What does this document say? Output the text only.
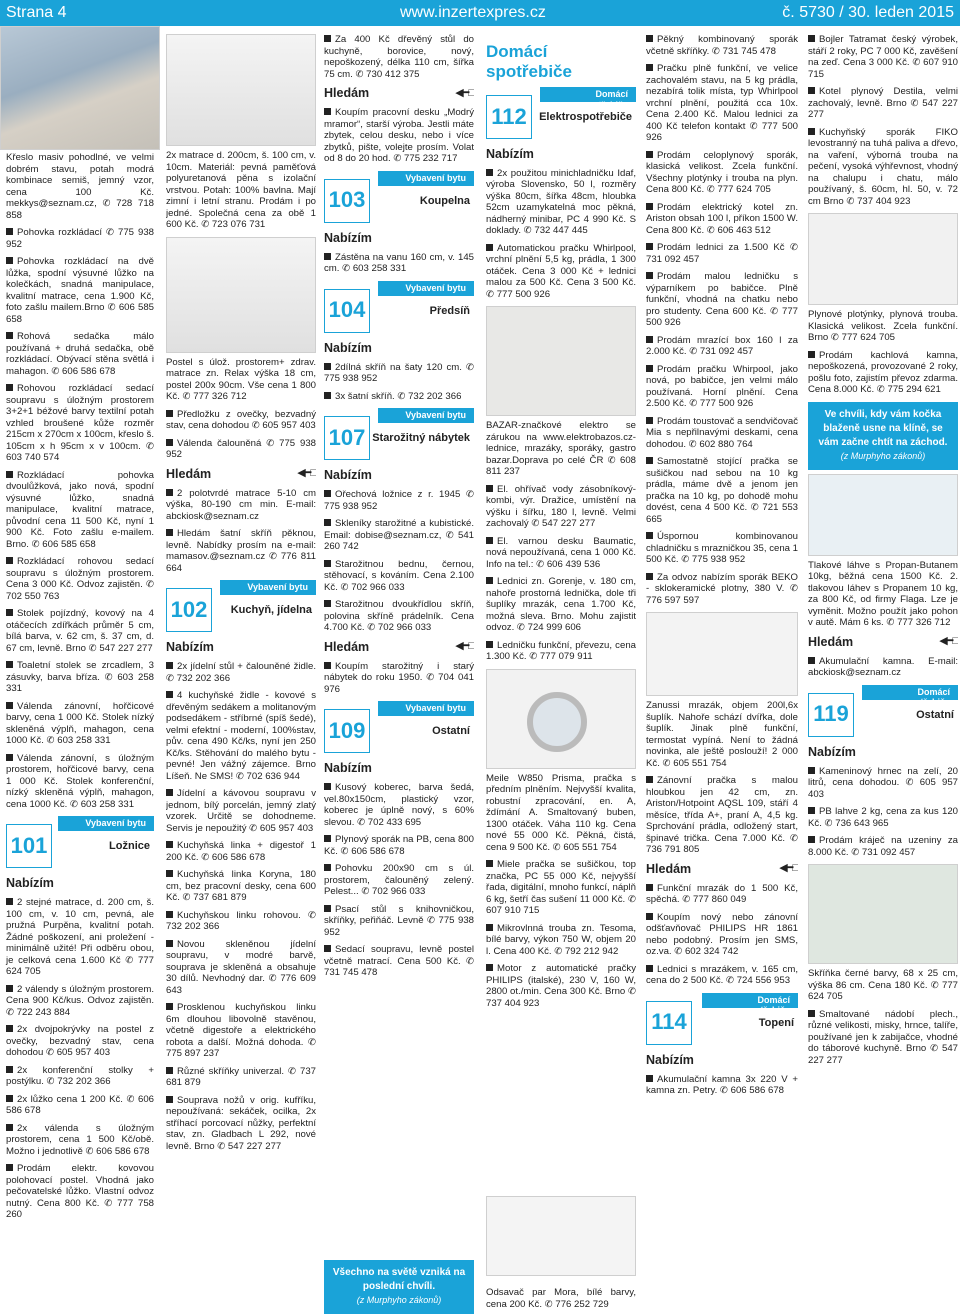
Strana 4	www.inzertexpres.cz	č. 5730 / 30. leden 2015

Křeslo masiv pohodlné, ve velmi dobrém stavu, potah modrá kombinace semiš, jemný vzor, cena 100 Kč. mekkys@seznam.cz, ✆ 728 718 858

Pohovka rozkládací ✆ 775 938 952

Pohovka rozkládací na dvě lůžka, spodní výsuvné lůžko na kolečkách, snadná manipulace, kvalitní matrace, cena 1.900 Kč, foto zašlu mailem.Brno ✆ 606 585 658

Rohová sedačka málo používaná + druhá sedačka, obě rozkládací. Obývací stěna světlá i mahagon. ✆ 606 586 678

Rohovou rozkládací sedací soupravu s úložným prostorem 3+2+1 béžové barvy textilní potah vzhled broušené kůže rozměr 215cm x 270cm x 100cm, křeslo š. 105cm x h 95cm x v 100cm. ✆ 603 740 574

Rozkládací pohovka dvoulůžková, jako nová, spodní výsuvné lůžko, snadná manipulace, kvalitní matrace, původní cena 11 500 Kč, nyní 1 900 Kč. Foto zašlu e-mailem. Brno. ✆ 606 585 658

Rozkládací rohovou sedací soupravu s úložným prostorem. Cena 3 000 Kč. Odvoz zajistěn. ✆ 702 550 763

Stolek pojízdný, kovový na 4 otáčecích zdířkách průměr 5 cm, bílá barva, v. 62 cm, š. 37 cm, d. 67 cm, levně. Brno ✆ 547 227 277

Toaletní stolek se zrcadlem, 3 zásuvky, barva bříza. ✆ 603 258 331

Válenda zánovní, hořčicové barvy, cena 1 000 Kč. Stolek nízký skleněná výplň, mahagon, cena 1000 Kč. ✆ 603 258 331

Válenda zánovní, s úložným prostorem, hořčicové barvy, cena 1 000 Kč. Stolek konferenční, nízký skleněná výplň, mahagon, cena 1000 Kč. ✆ 603 258 331

101
Vybavení bytu
Ložnice
Nabízím

2 stejné matrace, d. 200 cm, š. 100 cm, v. 10 cm, pevná, ale pružná Purpěna, kvalitní potah. Žádné poškození, ani proležení - minimálně užité! Při odběru obou, je celková cena 1.600 Kč ✆ 777 624 705

2 válendy s úložným prostorem. Cena 900 Kč/kus. Odvoz zajistěn. ✆ 722 243 884

2x dvojpokrývky na postel z ovečky, bezvadný stav, cena dohodou ✆ 605 957 403

2x konferenční stolky + postýlku. ✆ 732 202 366

2x lůžko cena 1 200 Kč. ✆ 606 586 678

2x válenda s úložným prostorem, cena 1 500 Kč/obě. Možno i jednotlivě ✆ 606 586 678

Prodám elektr. kovovou polohovací postel. Vhodná jako pečovatelské lůžko. Vlastní odvoz nutný. Cena 800 Kč. ✆ 777 758 260

2x matrace d. 200cm, š. 100 cm, v. 10cm. Materiál: pevná paměťová polyuretanová pěna s izolační vrstvou. Potah: 100% bavlna. Mají zimní i letní stranu. Prodám i po jedné. Společná cena za obě 1 600 Kč. ✆ 723 076 731

Postel s úlož. prostorem+ zdrav. matrace zn. Relax výška 18 cm, postel 200x 90cm. Vše cena 1 800 Kč. ✆ 777 326 712

Předložku z ovečky, bezvadný stav, cena dohodou ✆ 605 957 403

Válenda čalouněná ✆ 775 938 952

Hledám	◀━□

2 polotvrdé matrace 5-10 cm výška, 80-190 cm min. E-mail: abckiosk@seznam.cz

Hledám šatní skříň pěknou, levně. Nabídky prosím na e-mail: mamasov.@seznam.cz ✆ 776 811 664

102
Vybavení bytu
Kuchyň, jídelna
Nabízím

2x jídelní stůl + čalouněné židle. ✆ 732 202 366

4 kuchyňské židle - kovové s dřevěným sedákem a molitanovým podsedákem - stříbrné (spíš šedé), velmi efektní - moderní, 100%stav, pův. cena 490 Kč/ks, nyní jen 250 Kč/ks. Stěhování do malého bytu - pevné! Jen vážný zájemce. Brno Líšeň. Ne SMS! ✆ 702 636 944

Jídelní a kávovou soupravu v jednom, bílý porcelán, jemný zlatý vzorek. Určitě se dohodneme. Servis je nepoužitý ✆ 605 957 403

Kuchyňská linka + digestoř 1 200 Kč. ✆ 606 586 678

Kuchyňská linka Koryna, 180 cm, bez pracovní desky, cena 600 Kč. ✆ 737 681 879

Kuchyňskou linku rohovou. ✆ 732 202 366

Novou skleněnou jídelní soupravu, v modré barvě, souprava je skleněná a obsahuje 30 dílů. Nevhodný dar. ✆ 776 609 643

Prosklenou kuchyňskou linku 6m dlouhou libovolně stavěnou, včetně digestoře a elektrického robota a další. Možná dohoda. ✆ 775 897 237

Různé skříňky univerzal. ✆ 737 681 879

Souprava nožů v orig. kufříku, nepoužívaná: sekáček, ocilka, 2x stříhací porcovací nůžky, perfektní stav, zn. Gladbach L 292, nové levně. Brno ✆ 547 227 277

Za 400 Kč dřevěný stůl do kuchyně, borovice, nový, nepoškozený, délka 110 cm, šířka 75 cm. ✆ 730 412 375

Hledám	◀━□

Koupím pracovní desku „Modrý mramor“, starší výroba. Jestli máte zbytek, celou desku, nebo i více zbytků, pište, volejte prosím. Volat od 8 do 20 hod. ✆ 775 232 717

103
Vybavení bytu
Koupelna
Nabízím

Zástěna na vanu 160 cm, v. 145 cm. ✆ 603 258 331

104
Vybavení bytu
Předsíň
Nabízím

2dílná skříň na šaty 120 cm. ✆ 775 938 952

3x šatní skříň. ✆ 732 202 366

107
Vybavení bytu
Starožitný nábytek
Nabízím

Ořechová ložnice z r. 1945 ✆ 775 938 952

Skleníky starožitné a kubistické. Email: dobise@seznam.cz, ✆ 541 260 742

Starožitnou bednu, černou, stěhovací, s kováním. Cena 2.100 Kč. ✆ 702 966 033

Starožitnou dvoukřídlou skříň, polovina skříně prádelník. Cena 4.700 Kč. ✆ 702 966 033

Hledám	◀━□

Koupím starožitný i starý nábytek do roku 1950. ✆ 704 041 976

109
Vybavení bytu
Ostatní
Nabízím

Kusový koberec, barva šedá, vel.80x150cm, plastický vzor, koberec je úplně nový, s 60% slevou. ✆ 702 433 695

Plynový sporák na PB, cena 800 Kč. ✆ 606 586 678

Pohovku 200x90 cm s úl. prostorem, čalouněný zelený. Pelest... ✆ 702 966 033

Psací stůl s knihovničkou, skříňky, peřiňáč. Levně ✆ 775 938 952

Sedací soupravu, levně postel včetně matrací. Cena 500 Kč. ✆ 731 745 478

Všechno na světě vzniká na poslední chvíli.
(z Murphyho zákonů)
Domácí spotřebiče
112
Domácí spotřebiče
Elektrospotřebiče
Nabízím

2x použitou minichladničku Idaf, výroba Slovensko, 50 l, rozměry výška 80cm, šířka 48cm, hloubka 52cm uzamykatelná moc pěkná, nádherný minibar, PC 4 990 Kč. S doklady. ✆ 732 447 445

Automatickou pračku Whirlpool, vrchní plnění 5,5 kg, prádla, 1 300 otáček. Cena 3 000 Kč + lednici malou za 500 Kč. Cena 3 500 Kč. ✆ 777 500 926

BAZAR-značkové elektro se zárukou na www.elektrobazos.cz-lednice, mrazáky, sporáky, gastro bazar.Doprava po celé ČR ✆ 608 811 237

El. ohřívač vody zásobníkový-kombi, výr. Dražice, umístění na výšku i šířku, 180 l, levně. Velmi zachovalý ✆ 547 227 277

El. varnou desku Baumatic, nová nepoužívaná, cena 1 000 Kč. Info na tel.: ✆ 606 439 536

Lednici zn. Gorenje, v. 180 cm, nahoře prostorná lednička, dole tři šuplíky mrazák, cena 1.700 Kč, možná sleva. Brno. Mohu zajistit odvoz. ✆ 724 999 606

Ledničku funkční, převezu, cena 1.300 Kč. ✆ 777 079 911

Meile W850 Prisma, pračka s předním plněním. Nejvyšší kvalita, robustní zpracování, en. A, ždímání A. Smaltovaný buben, 1300 otáček. Váha 110 kg. Cena nové 55 000 Kč. Pěkná, čistá, cena 9 500 Kč. ✆ 605 551 754

Miele pračka se sušičkou, top značka, PC 55 000 Kč, nejvyšší řada, digitální, mnoho funkcí, náplň 6 kg, šetří čas sušení 11 000 Kč. ✆ 607 910 715

Mikrovlnná trouba zn. Tesoma, bílé barvy, výkon 750 W, objem 20 l. Cena 400 Kč. ✆ 792 212 942

Motor z automatické pračky PHILIPS (italské), 230 V, 160 W, 2800 ot./min. Cena 300 Kč. Brno ✆ 737 404 923

Odsavač par Mora, bílé barvy, cena 200 Kč. ✆ 776 252 729

Pěkný kombinovaný sporák včetně skříňky. ✆ 731 745 478

Pračku plně funkční, ve velice zachovalém stavu, na 5 kg prádla, nezabírá tolik místa, typ Whirlpool vrchní plnění, použitá cca 10x. Cena 2.400 Kč. Malou lednici za 400 Kč telefon kontakt ✆ 777 500 926

Prodám celoplynový sporák, klasická velikost. Zcela funkční. Všechny plotýnky i trouba na plyn. Cena 800 Kč. ✆ 777 624 705

Prodám elektrický kotel zn. Ariston obsah 100 l, příkon 1500 W. Cena 800 Kč. ✆ 606 463 512

Prodám lednici za 1.500 Kč ✆ 731 092 457

Prodám malou ledničku s výparníkem po babičce. Plně funkční, vhodná na chatku nebo pro studenty. Cena 600 Kč. ✆ 777 500 926

Prodám mrazící box 160 l za 2.000 Kč. ✆ 731 092 457

Prodám pračku Whirpool, jako nová, po babičce, jen velmi málo používaná. Horní plnění. Cena 2.500 Kč. ✆ 777 500 926

Prodám toustovač a sendvičovač Mia s nepřilnavými deskami, cena dohodou. ✆ 602 880 764

Samostatně stojící pračka se sušičkou nad sebou na 10 kg prádla, máme dvě a jenom jen pračka na 10 kg, po dohodě mohu dovést, cena 4 500 Kč. ✆ 721 553 665

Úspornou kombinovanou chladničku s mrazničkou 35, cena 1 500 Kč. ✆ 775 938 952

Za odvoz nabízím sporák BEKO - sklokeramické plotny, 380 V. ✆ 776 597 597

Zanussi mrazák, objem 200l,6x šuplík. Nahoře schází dvířka, dole šuplík. Jinak plně funkční, termostat vypíná. Není to žádná novinka, ale ještě poslouží! 2 000 Kč. ✆ 605 551 754

Zánovní pračka s malou hloubkou jen 42 cm, zn. Ariston/Hotpoint AQSL 109, stáří 4 měsíce, třída A+, praní A, 4,5 kg. Sprchování prádla, odložený start, špinavé trička. Cena 7.000 Kč. ✆ 736 791 805

Hledám	◀━□

Funkční mrazák do 1 500 Kč, spěchá. ✆ 777 860 049

Koupím nový nebo zánovní odšťavňovač PHILIPS HR 1861 nebo podobný. Prosím jen SMS, oz.va. ✆ 602 324 742

Lednici s mrazákem, v. 165 cm, cena do 2 500 Kč. ✆ 724 556 953

114
Domácí spotřebiče
Topení
Nabízím

Akumulační kamna 3x 220 V + kamna zn. Petry. ✆ 606 586 678

Bojler Tatramat český výrobek, stáří 2 roky, PC 7 000 Kč, zavěšení na zeď. Cena 3 000 Kč. ✆ 607 910 715

Kotel plynový Destila, velmi zachovalý, levně. Brno ✆ 547 227 277

Kuchyňský sporák FIKO levostranný na tuhá paliva a dřevo, na vaření, výborná trouba na pečení, vysoká výhřevnost, vhodný na chalupu i chatu, málo používaný, š. 60cm, hl. 50, v. 72 cm Brno ✆ 737 404 923

Plynové plotýnky, plynová trouba. Klasická velikost. Zcela funkční. Brno ✆ 777 624 705

Prodám kachlová kamna, nepoškozená, provozované 2 roky, pošlu foto, zajistím převoz zdarma. Cena 8.000 Kč. ✆ 775 294 621

Ve chvíli, kdy vám kočka blaženě usne na klíně, se vám začne chtít na záchod.
(z Murphyho zákonů)

Tlakové láhve s Propan-Butanem 10kg, běžná cena 1500 Kč. 2. tlakovou láhev s Propanem 10 kg, za 800 Kč, od firmy Flaga. Lze je vyměnit. Možno použít jako pohon v autě. Mám 6 ks. ✆ 777 326 712

Hledám	◀━□

Akumulační kamna. E-mail: abckiosk@seznam.cz

119
Domácí spotřebiče
Ostatní
Nabízím

Kameninový hrnec na zelí, 20 litrů, cena dohodou. ✆ 605 957 403

PB lahve 2 kg, cena za kus 120 Kč. ✆ 736 643 965

Prodám kráječ na uzeniny za 8.000 Kč. ✆ 731 092 457

Skříňka černé barvy, 68 x 25 cm, výška 86 cm. Cena 180 Kč. ✆ 777 624 705

Smaltované nádobí plech., různé velikosti, misky, hrnce, talíře, používané jen k zabijačce, vhodné do táborové kuchyně. Brno ✆ 547 227 277
